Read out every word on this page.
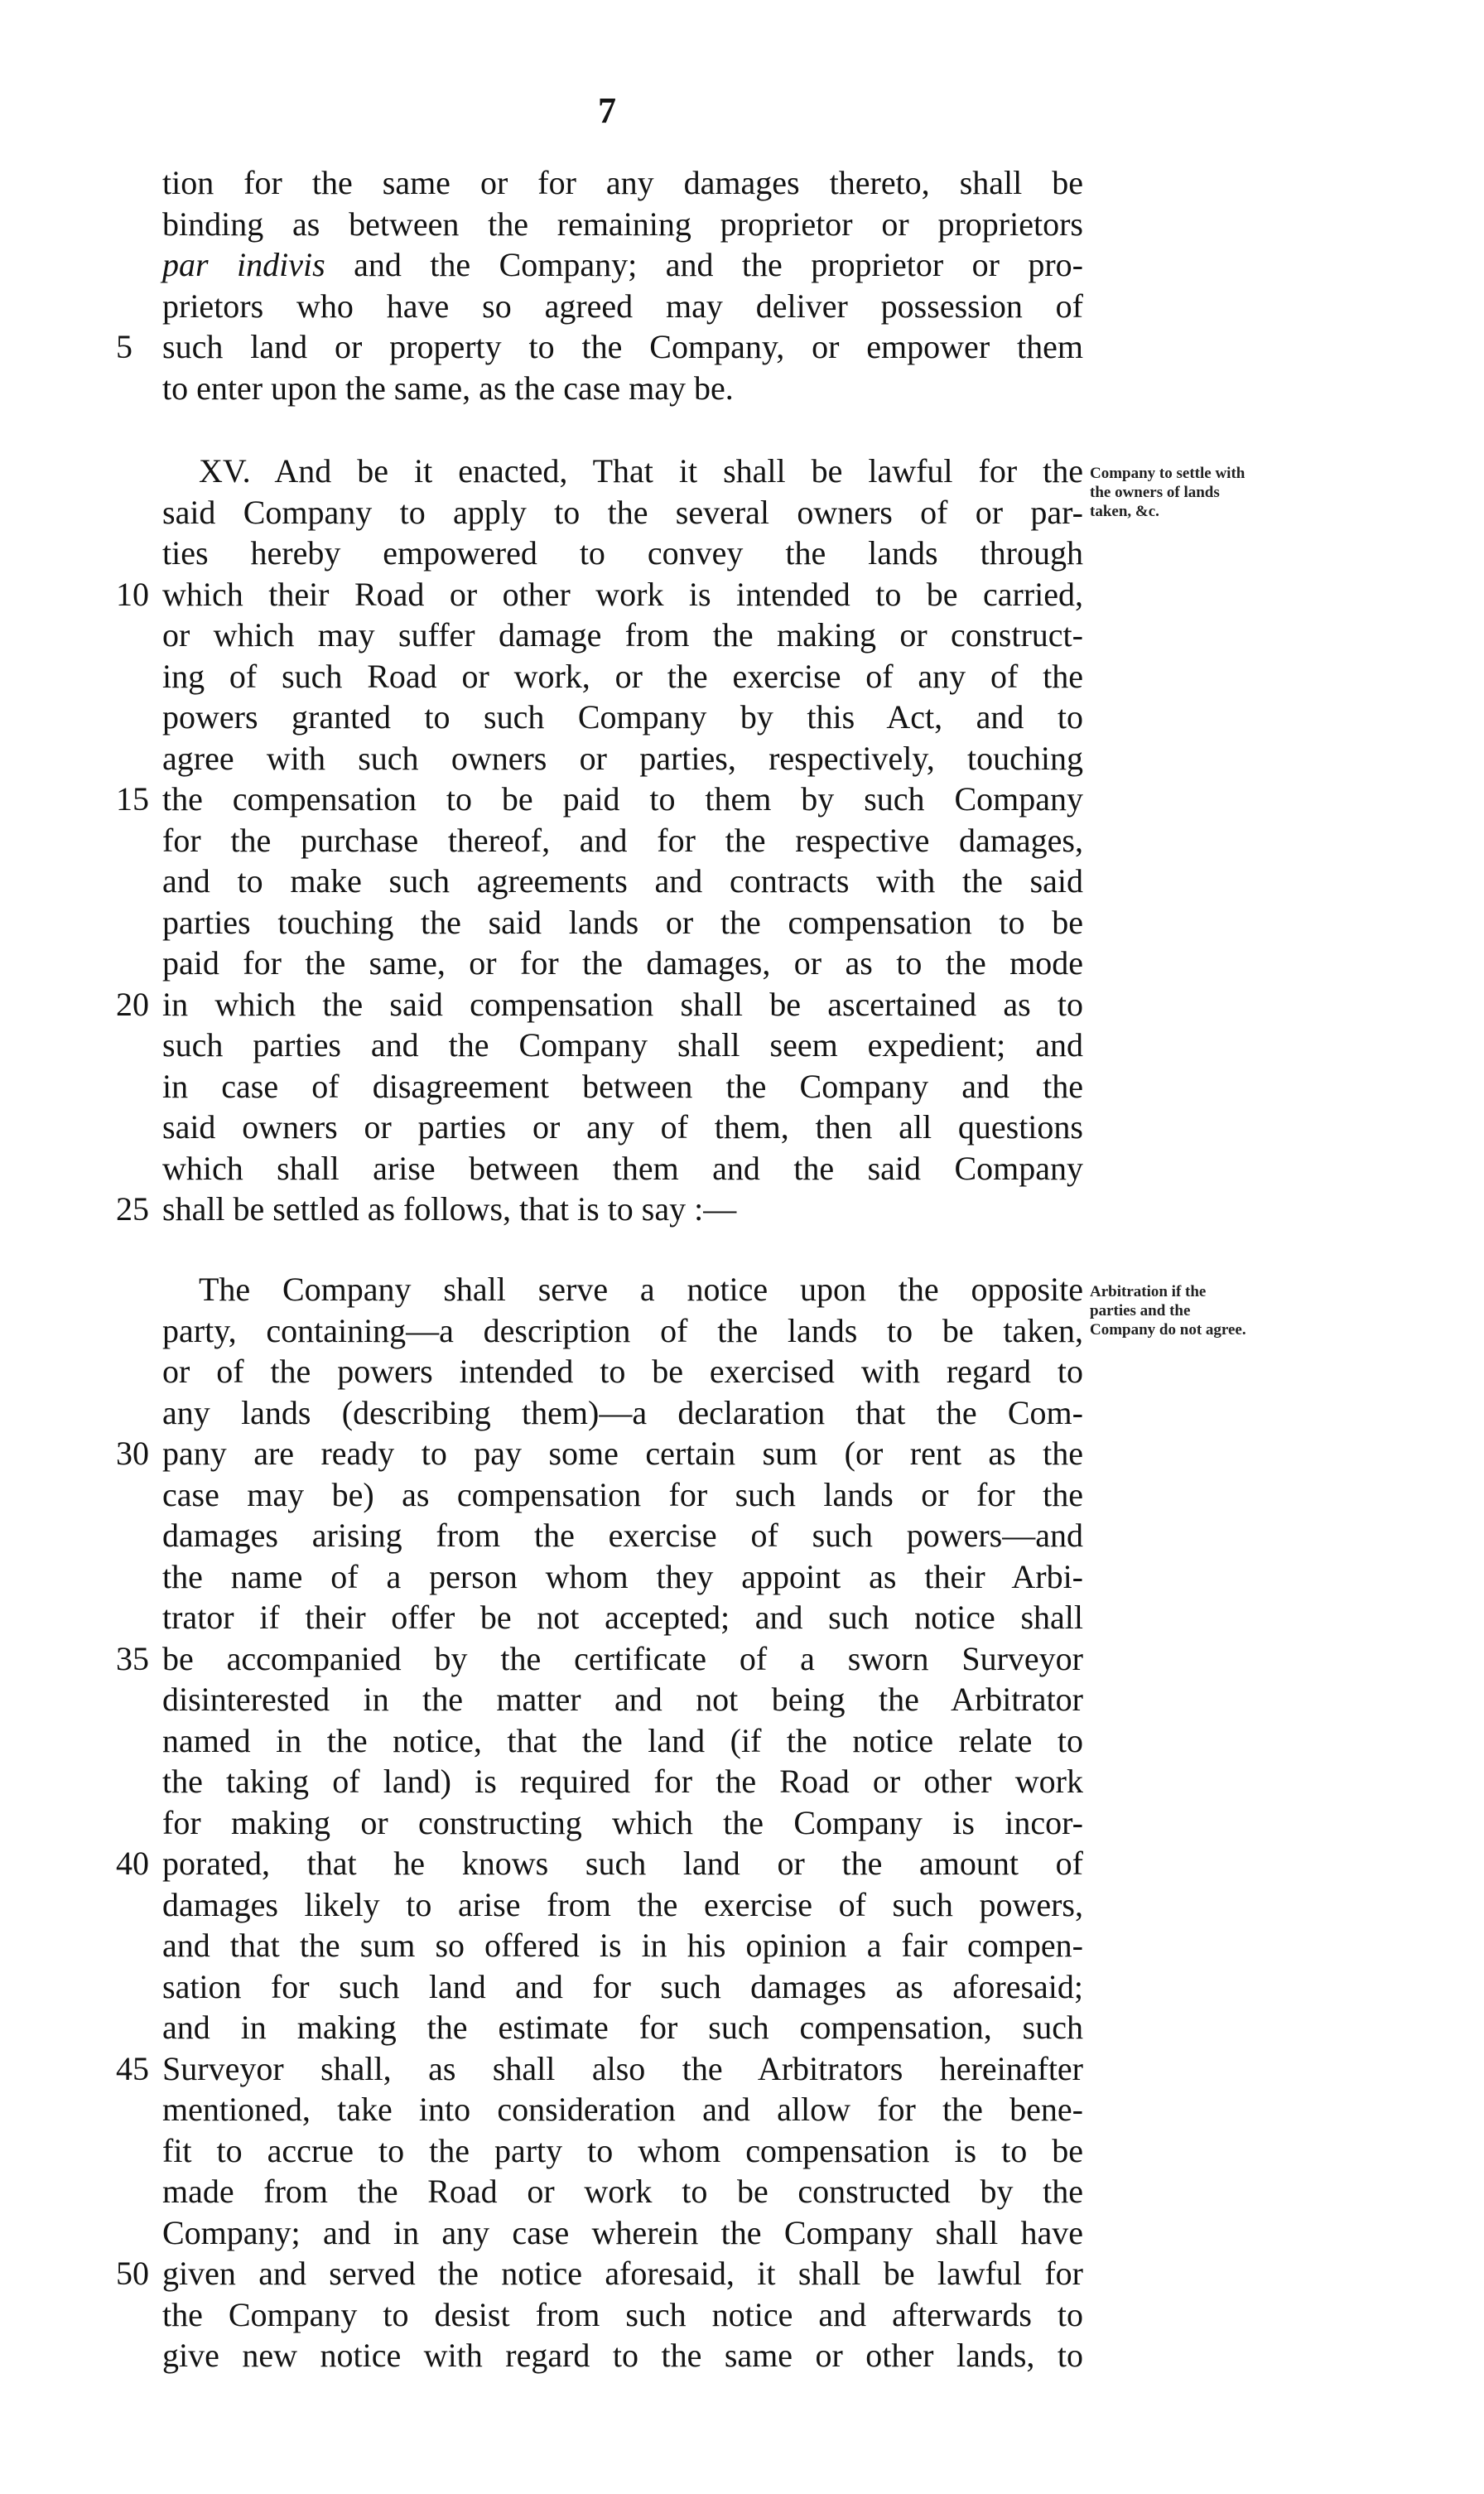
7
tion for the same or for any damages thereto, shall be
binding as between the remaining proprietor or proprietors
par indivis and the Company; and the proprietor or pro-
prietors who have so agreed may deliver possession of
5 such land or property to the Company, or empower them
to enter upon the same, as the case may be.
Company to settle with the owners of lands taken, &c.
XV. And be it enacted, That it shall be lawful for the
said Company to apply to the several owners of or par-
ties hereby empowered to convey the lands through
10 which their Road or other work is intended to be carried,
or which may suffer damage from the making or construct-
ing of such Road or work, or the exercise of any of the
powers granted to such Company by this Act, and to
agree with such owners or parties, respectively, touching
15 the compensation to be paid to them by such Company
for the purchase thereof, and for the respective damages,
and to make such agreements and contracts with the said
parties touching the said lands or the compensation to be
paid for the same, or for the damages, or as to the mode
20 in which the said compensation shall be ascertained as to
such parties and the Company shall seem expedient; and
in case of disagreement between the Company and the
said owners or parties or any of them, then all questions
which shall arise between them and the said Company
25 shall be settled as follows, that is to say :—
Arbitration if the parties and the Company do not agree.
The Company shall serve a notice upon the opposite
party, containing—a description of the lands to be taken,
or of the powers intended to be exercised with regard to
any lands (describing them)—a declaration that the Com-
30 pany are ready to pay some certain sum (or rent as the
case may be) as compensation for such lands or for the
damages arising from the exercise of such powers—and
the name of a person whom they appoint as their Arbi-
trator if their offer be not accepted; and such notice shall
35 be accompanied by the certificate of a sworn Surveyor
disinterested in the matter and not being the Arbitrator
named in the notice, that the land (if the notice relate to
the taking of land) is required for the Road or other work
for making or constructing which the Company is incor-
40 porated, that he knows such land or the amount of
damages likely to arise from the exercise of such powers,
and that the sum so offered is in his opinion a fair compen-
sation for such land and for such damages as aforesaid;
and in making the estimate for such compensation, such
45 Surveyor shall, as shall also the Arbitrators hereinafter
mentioned, take into consideration and allow for the bene-
fit to accrue to the party to whom compensation is to be
made from the Road or work to be constructed by the
Company; and in any case wherein the Company shall have
50 given and served the notice aforesaid, it shall be lawful for
the Company to desist from such notice and afterwards to
give new notice with regard to the same or other lands, to
